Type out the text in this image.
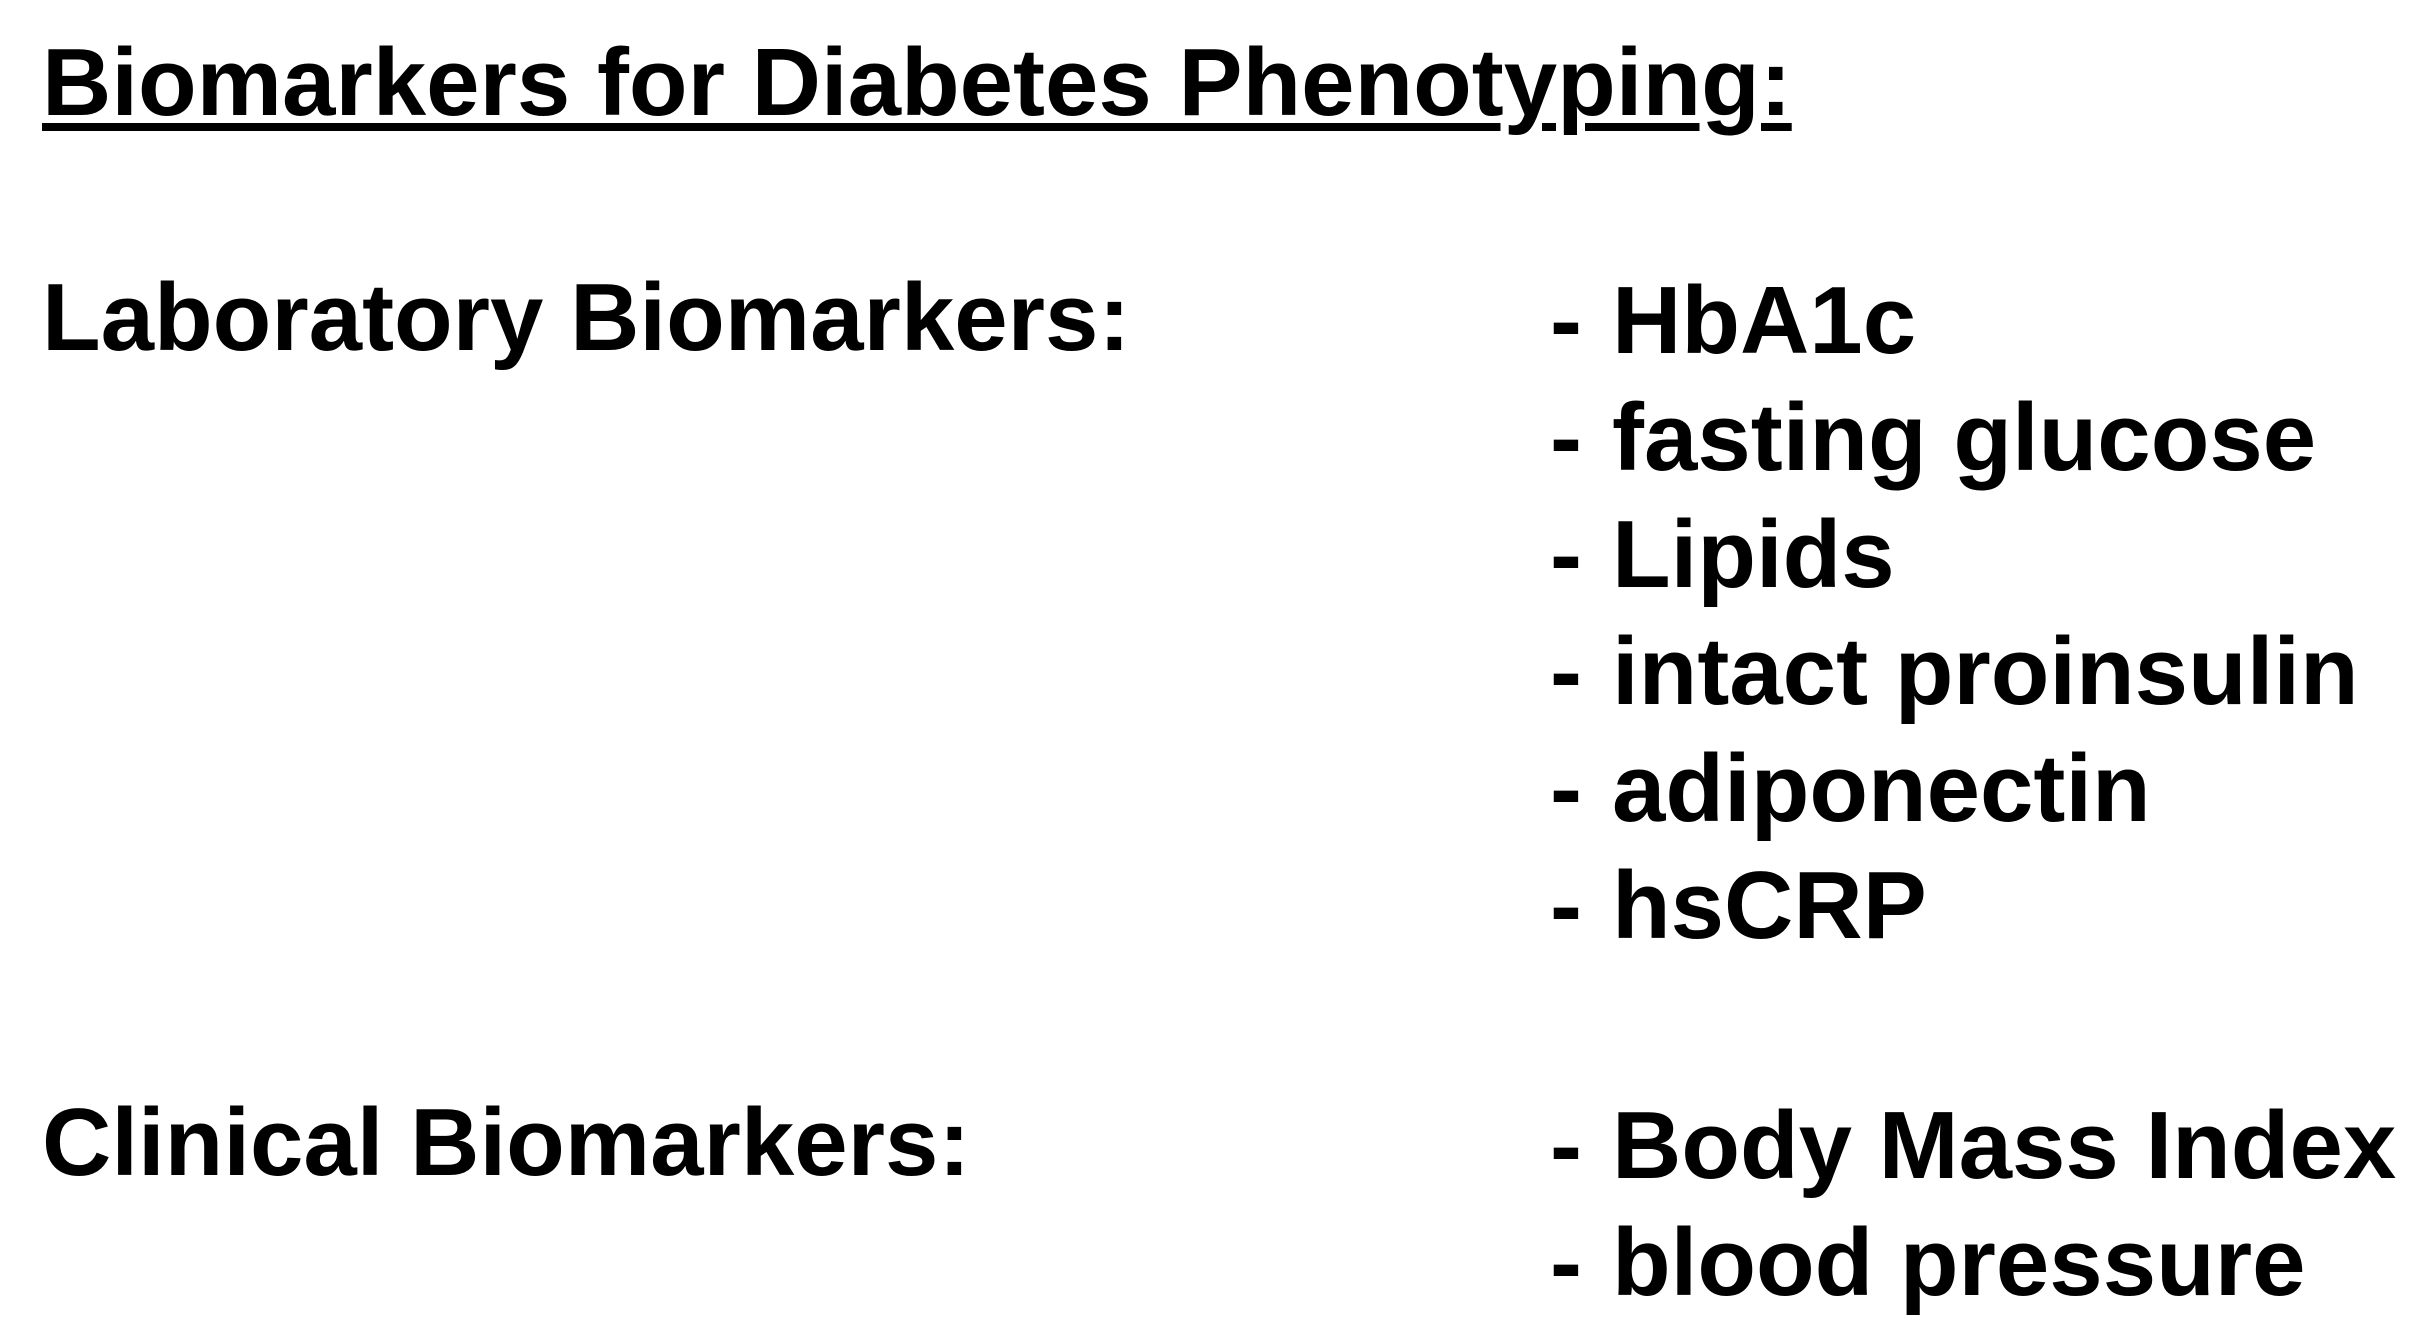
Biomarkers for Diabetes Phenotyping:
Laboratory Biomarkers:	- HbA1c
- fasting glucose
- Lipids
- intact proinsulin
- adiponectin
- hsCRP
Clinical Biomarkers:	- Body Mass Index
- blood pressure
